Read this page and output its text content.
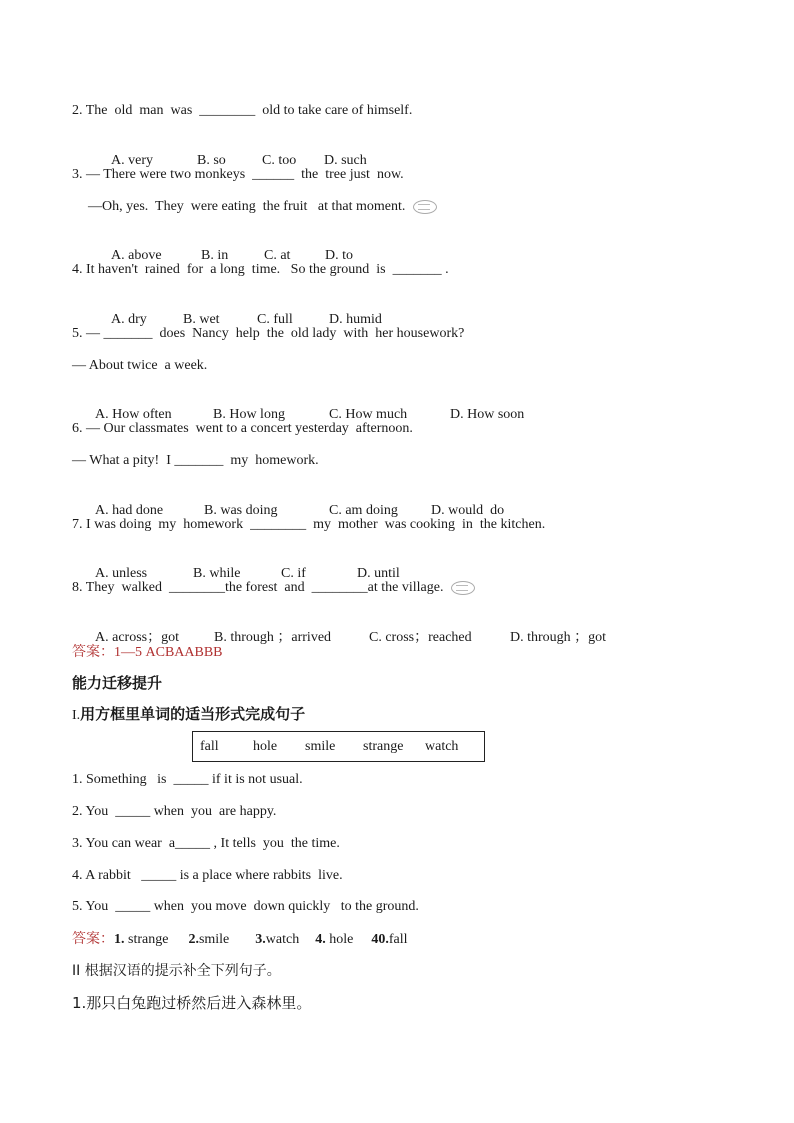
2. The  old  man  was  ________  old to take care of himself.

A. very	B. so	C. too D. such

3. — There were two monkeys  ______  the  tree just  now.
—Oh, yes.  They  were eating  the fruit   at that moment.

A. above	B. in	C. at D. to

4. It haven't  rained  for  a long  time.   So the ground  is  _______ .

A. dry	B. wet	C. full	D. humid

5. — _______  does  Nancy  help  the  old lady  with  her housework?
— About twice  a week.

A. How often	B. How long	C. How much	D. How soon

6. — Our classmates  went to a concert yesterday  afternoon.
— What a pity!  I _______  my  homework.

A. had done	B. was doing	C. am doing D. would  do

7. I was doing  my  homework  ________  my  mother  was cooking  in  the kitchen.

A. unless	B. while	C. if	D. until

8. They  walked  ________the forest  and  ________at the village.

A. across；got	B. through ；arrived	C. cross；reached	D. through ；got

答案：1—5 ACBAABBB
能力迁移提升
I.用方框里单词的适当形式完成句子
fall hole smile strange watch
1. Something   is  _____ if it is not usual.
2. You  _____ when  you  are happy.
3. You can wear  a_____ , It tells  you  the time.
4. A rabbit   _____ is a place where rabbits  live.
5. You  _____ when  you move  down quickly   to the ground.
答案：1. strange 2.smile 3.watch 4. hole 40.fall
II 根据汉语的提示补全下列句子。
1.那只白兔跑过桥然后进入森林里。
